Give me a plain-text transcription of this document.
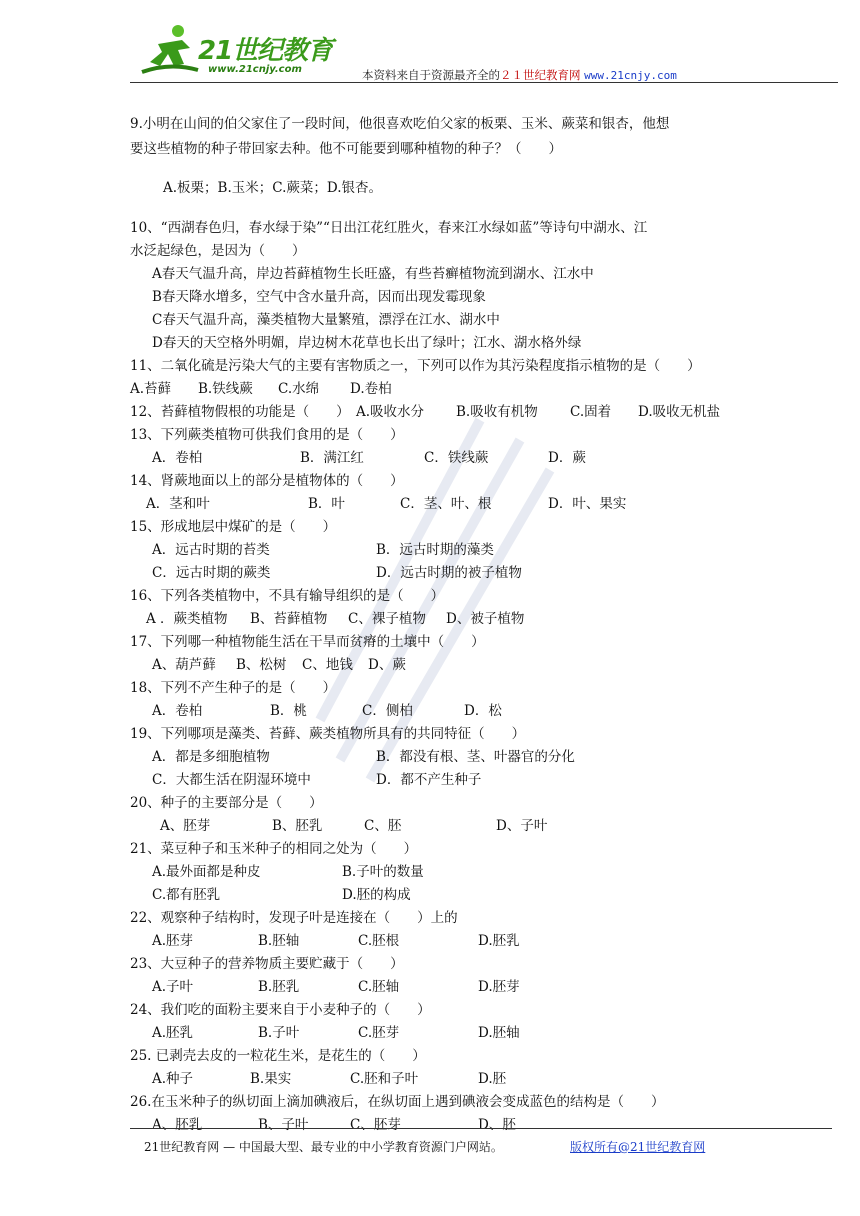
21世纪教育
www.21cnjy.com	本资料来自于资源最齐全的２１世纪教育网 www.21cnjy.com
9.小明在山间的伯父家住了一段时间，他很喜欢吃伯父家的板栗、玉米、蕨菜和银杏，他想
要这些植物的种子带回家去种。他不可能要到哪种植物的种子？（　　）
A.板栗；B.玉米；C.蕨菜；D.银杏。
10、“西湖春色归，春水绿于染”“日出江花红胜火，春来江水绿如蓝”等诗句中湖水、江
水泛起绿色，是因为（　　）
A春天气温升高，岸边苔藓植物生长旺盛，有些苔癣植物流到湖水、江水中
B春天降水增多，空气中含水量升高，因而出现发霉现象
C春天气温升高，藻类植物大量繁殖，漂浮在江水、湖水中
D春天的天空格外明媚，岸边树木花草也长出了绿叶；江水、湖水格外绿
11、二氧化硫是污染大气的主要有害物质之一，下列可以作为其污染程度指示植物的是（　　）
A.苔藓 B.铁线蕨 C.水绵 D.卷柏
12、苔藓植物假根的功能是（　　） A.吸收水分 B.吸收有机物 C.固着 D.吸收无机盐
13、下列蕨类植物可供我们食用的是（　　）
A．卷柏	B．满江红	C．铁线蕨	D．蕨
14、肾蕨地面以上的部分是植物体的（　　）
A．茎和叶	B．叶	C．茎、叶、根	D．叶、果实
15、形成地层中煤矿的是（　　）
A．远古时期的苔类	B．远古时期的藻类
C．远古时期的蕨类	D．远古时期的被子植物
16、下列各类植物中，不具有输导组织的是（　　）
A ．蕨类植物 B、苔藓植物 C、裸子植物 D、被子植物
17、下列哪一种植物能生活在干旱而贫瘠的土壤中（　　）
A、葫芦藓 B、松树 C、地钱 D、蕨
18、下列不产生种子的是（　　）
A．卷柏	B．桃	C．侧柏	D．松
19、下列哪项是藻类、苔藓、蕨类植物所具有的共同特征（　　）
A．都是多细胞植物	B．都没有根、茎、叶器官的分化
C．大都生活在阴湿环境中	D．都不产生种子
20、种子的主要部分是（　　）
A、胚芽	B、胚乳	C、胚	D、子叶
21、菜豆种子和玉米种子的相同之处为（　　）
A.最外面都是种皮	B.子叶的数量
C.都有胚乳	D.胚的构成
22、观察种子结构时，发现子叶是连接在（　　）上的
A.胚芽	B.胚轴	C.胚根	D.胚乳
23、大豆种子的营养物质主要贮藏于（　　）
A.子叶	B.胚乳	C.胚轴	D.胚芽
24、我们吃的面粉主要来自于小麦种子的（　　）
A.胚乳	B.子叶	C.胚芽	D.胚轴
25. 已剥壳去皮的一粒花生米，是花生的（　　）
A.种子	B.果实	C.胚和子叶	D.胚
26.在玉米种子的纵切面上滴加碘液后，在纵切面上遇到碘液会变成蓝色的结构是（　　）
A、胚乳	B、子叶	C、胚芽	D、胚
21世纪教育网 — 中国最大型、最专业的中小学教育资源门户网站。	版权所有@21世纪教育网
